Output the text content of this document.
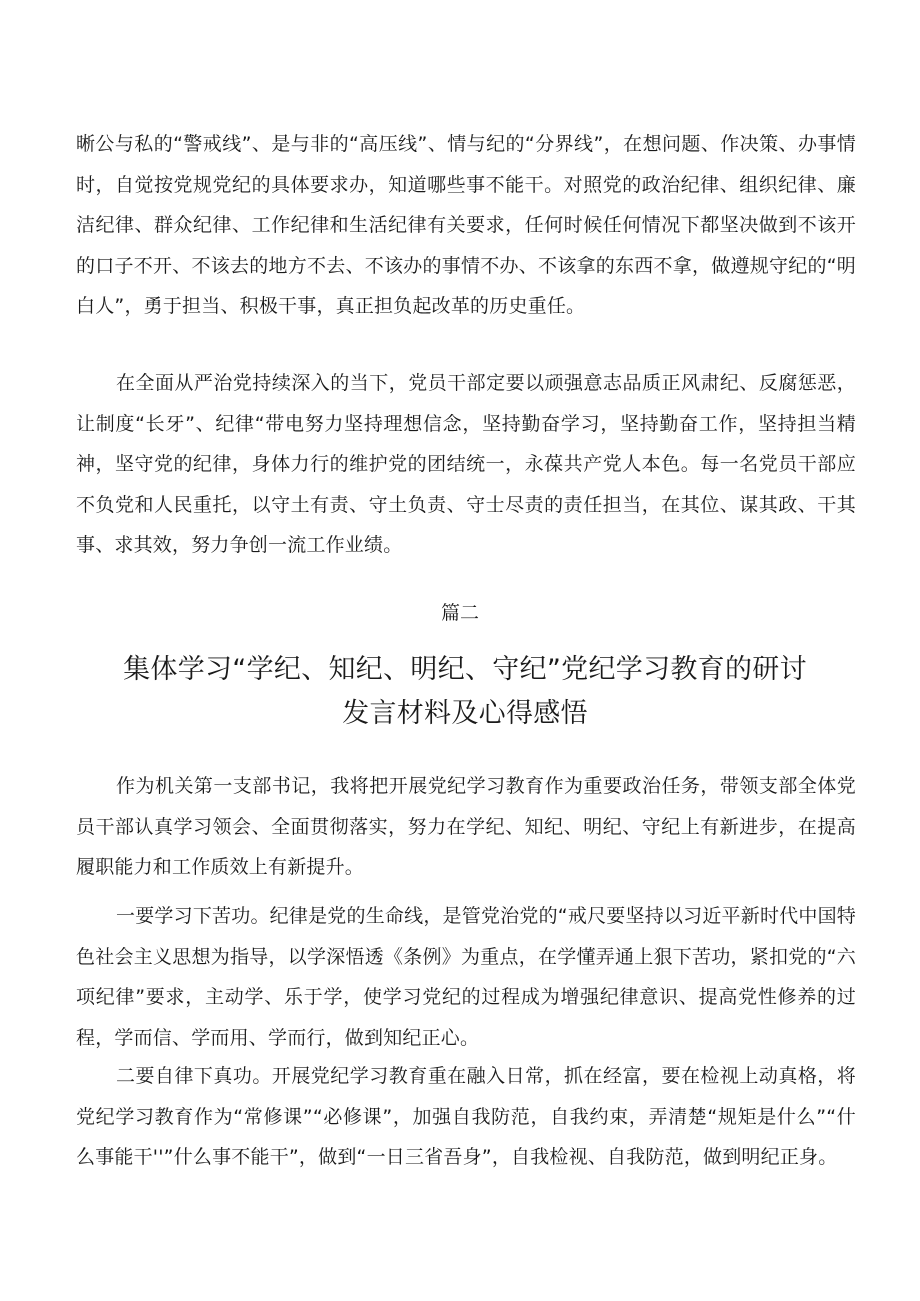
晰公与私的“警戒线”、是与非的“高压线”、情与纪的“分界线”，在想问题、作决策、办事情时，自觉按党规党纪的具体要求办，知道哪些事不能干。对照党的政治纪律、组织纪律、廉洁纪律、群众纪律、工作纪律和生活纪律有关要求，任何时候任何情况下都坚决做到不该开的口子不开、不该去的地方不去、不该办的事情不办、不该拿的东西不拿，做遵规守纪的“明白人”，勇于担当、积极干事，真正担负起改革的历史重任。

在全面从严治党持续深入的当下，党员干部定要以顽强意志品质正风肃纪、反腐惩恶，让制度“长牙”、纪律“带电努力坚持理想信念，坚持勤奋学习，坚持勤奋工作，坚持担当精神，坚守党的纪律，身体力行的维护党的团结统一，永葆共产党人本色。每一名党员干部应不负党和人民重托，以守土有责、守土负责、守士尽责的责任担当，在其位、谋其政、干其事、求其效，努力争创一流工作业绩。

篇二

集体学习“学纪、知纪、明纪、守纪”党纪学习教育的研讨
发言材料及心得感悟

作为机关第一支部书记，我将把开展党纪学习教育作为重要政治任务，带领支部全体党员干部认真学习领会、全面贯彻落实，努力在学纪、知纪、明纪、守纪上有新进步，在提高履职能力和工作质效上有新提升。

一要学习下苦功。纪律是党的生命线，是管党治党的“戒尺要坚持以习近平新时代中国特色社会主义思想为指导，以学深悟透《条例》为重点，在学懂弄通上狠下苦功，紧扣党的“六项纪律”要求，主动学、乐于学，使学习党纪的过程成为增强纪律意识、提高党性修养的过程，学而信、学而用、学而行，做到知纪正心。

二要自律下真功。开展党纪学习教育重在融入日常，抓在经富，要在检视上动真格，将党纪学习教育作为“常修课”“必修课”，加强自我防范，自我约束，弄清楚“规矩是什么”“什么事能干''”什么事不能干”，做到“一日三省吾身”，自我检视、自我防范，做到明纪正身。
